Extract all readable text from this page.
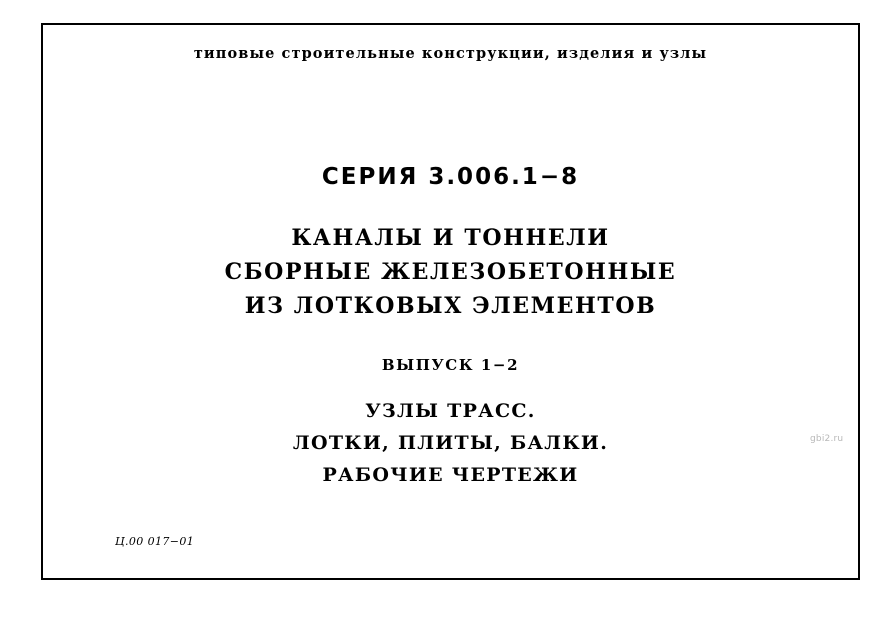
типовые строительные конструкции, изделия и узлы
СЕРИЯ 3.006.1−8
КАНАЛЫ И ТОННЕЛИ
СБОРНЫЕ ЖЕЛЕЗОБЕТОННЫЕ
ИЗ ЛОТКОВЫХ ЭЛЕМЕНТОВ
ВЫПУСК 1−2
УЗЛЫ ТРАСС.
ЛОТКИ, ПЛИТЫ, БАЛКИ.
РАБОЧИЕ ЧЕРТЕЖИ
Ц.00 017−01
gbi2.ru
